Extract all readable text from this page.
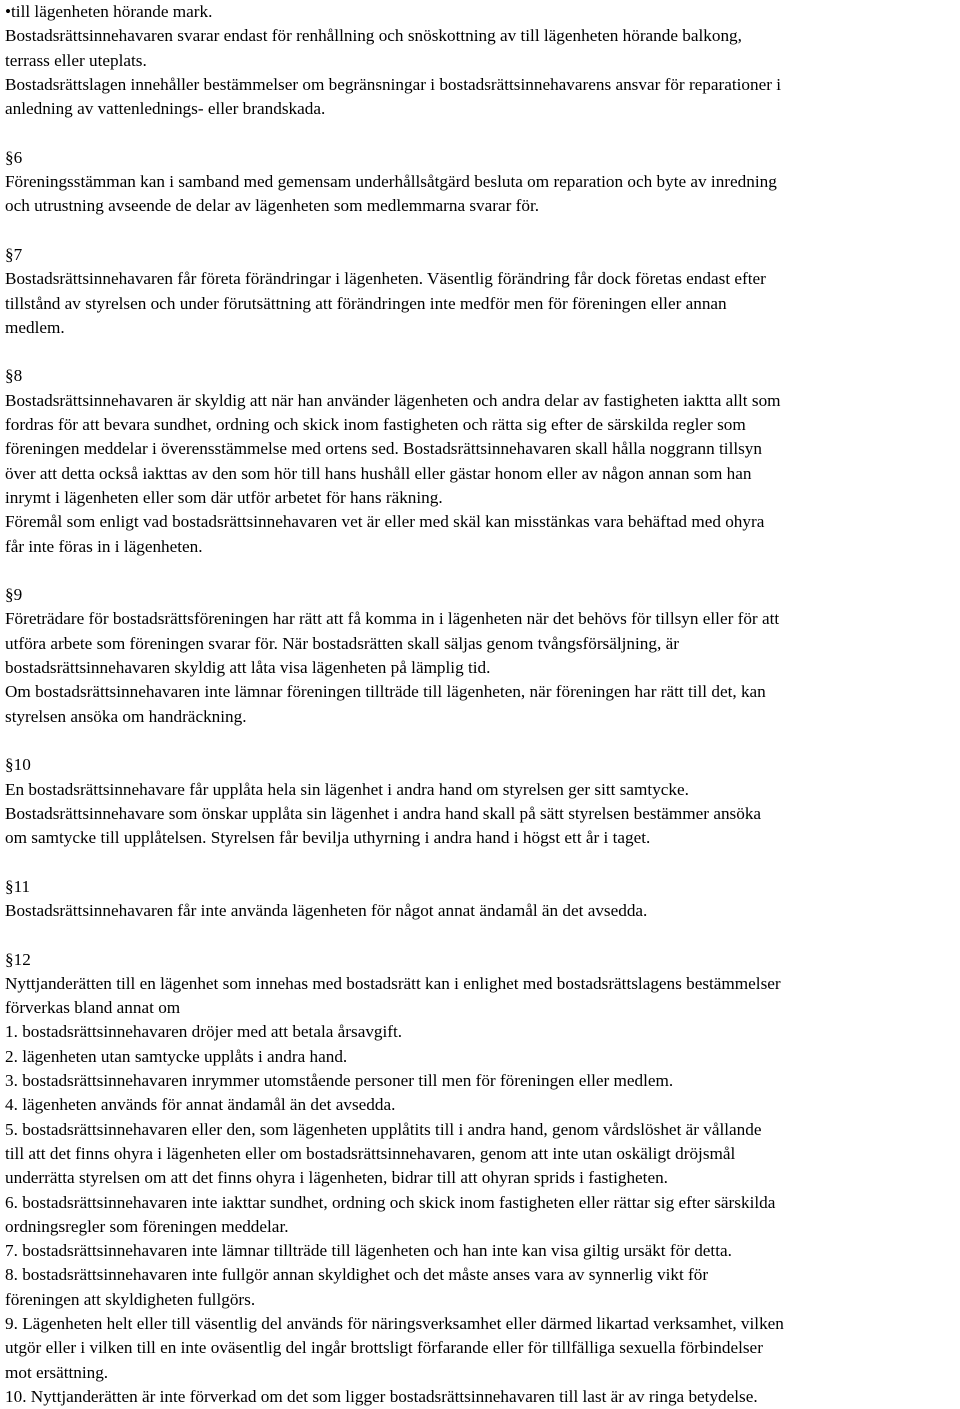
•till lägenheten hörande mark.
Bostadsrättsinnehavaren svarar endast för renhållning och snöskottning av till lägenheten hörande balkong,
terrass eller uteplats.
Bostadsrättslagen innehåller bestämmelser om begränsningar i bostadsrättsinnehavarens ansvar för reparationer i
anledning av vattenlednings- eller brandskada.
§6
Föreningsstämman kan i samband med gemensam underhållsåtgärd besluta om reparation och byte av inredning
och utrustning avseende de delar av lägenheten som medlemmarna svarar för.
§7
Bostadsrättsinnehavaren får företa förändringar i lägenheten. Väsentlig förändring får dock företas endast efter
tillstånd av styrelsen och under förutsättning att förändringen inte medför men för föreningen eller annan
medlem.
§8
Bostadsrättsinnehavaren är skyldig att när han använder lägenheten och andra delar av fastigheten iaktta allt som
fordras för att bevara sundhet, ordning och skick inom fastigheten och rätta sig efter de särskilda regler som
föreningen meddelar i överensstämmelse med ortens sed. Bostadsrättsinnehavaren skall hålla noggrann tillsyn
över att detta också iakttas av den som hör till hans hushåll eller gästar honom eller av någon annan som han
inrymt i lägenheten eller som där utför arbetet för hans räkning.
Föremål som enligt vad bostadsrättsinnehavaren vet är eller med skäl kan misstänkas vara behäftad med ohyra
får inte föras in i lägenheten.
§9
Företrädare för bostadsrättsföreningen har rätt att få komma in i lägenheten när det behövs för tillsyn eller för att
utföra arbete som föreningen svarar för. När bostadsrätten skall säljas genom tvångsförsäljning, är
bostadsrättsinnehavaren skyldig att låta visa lägenheten på lämplig tid.
Om bostadsrättsinnehavaren inte lämnar föreningen tillträde till lägenheten, när föreningen har rätt till det, kan
styrelsen ansöka om handräckning.
§10
En bostadsrättsinnehavare får upplåta hela sin lägenhet i andra hand om styrelsen ger sitt samtycke.
Bostadsrättsinnehavare som önskar upplåta sin lägenhet i andra hand skall på sätt styrelsen bestämmer ansöka
om samtycke till upplåtelsen. Styrelsen får bevilja uthyrning i andra hand i högst ett år i taget.
§11
Bostadsrättsinnehavaren får inte använda lägenheten för något annat ändamål än det avsedda.
§12
Nyttjanderätten till en lägenhet som innehas med bostadsrätt kan i enlighet med bostadsrättslagens bestämmelser
förverkas bland annat om
1. bostadsrättsinnehavaren dröjer med att betala årsavgift.
2. lägenheten utan samtycke upplåts i andra hand.
3. bostadsrättsinnehavaren inrymmer utomstående personer till men för föreningen eller medlem.
4. lägenheten används för annat ändamål än det avsedda.
5. bostadsrättsinnehavaren eller den, som lägenheten upplåtits till i andra hand, genom vårdslöshet är vållande
till att det finns ohyra i lägenheten eller om bostadsrättsinnehavaren, genom att inte utan oskäligt dröjsmål
underrätta styrelsen om att det finns ohyra i lägenheten, bidrar till att ohyran sprids i fastigheten.
6. bostadsrättsinnehavaren inte iakttar sundhet, ordning och skick inom fastigheten eller rättar sig efter särskilda
ordningsregler som föreningen meddelar.
7. bostadsrättsinnehavaren inte lämnar tillträde till lägenheten och han inte kan visa giltig ursäkt för detta.
8. bostadsrättsinnehavaren inte fullgör annan skyldighet och det måste anses vara av synnerlig vikt för
föreningen att skyldigheten fullgörs.
9. Lägenheten helt eller till väsentlig del används för näringsverksamhet eller därmed likartad verksamhet, vilken
utgör eller i vilken till en inte oväsentlig del ingår brottsligt förfarande eller för tillfälliga sexuella förbindelser
mot ersättning.
10. Nyttjanderätten är inte förverkad om det som ligger bostadsrättsinnehavaren till last är av ringa betydelse.
